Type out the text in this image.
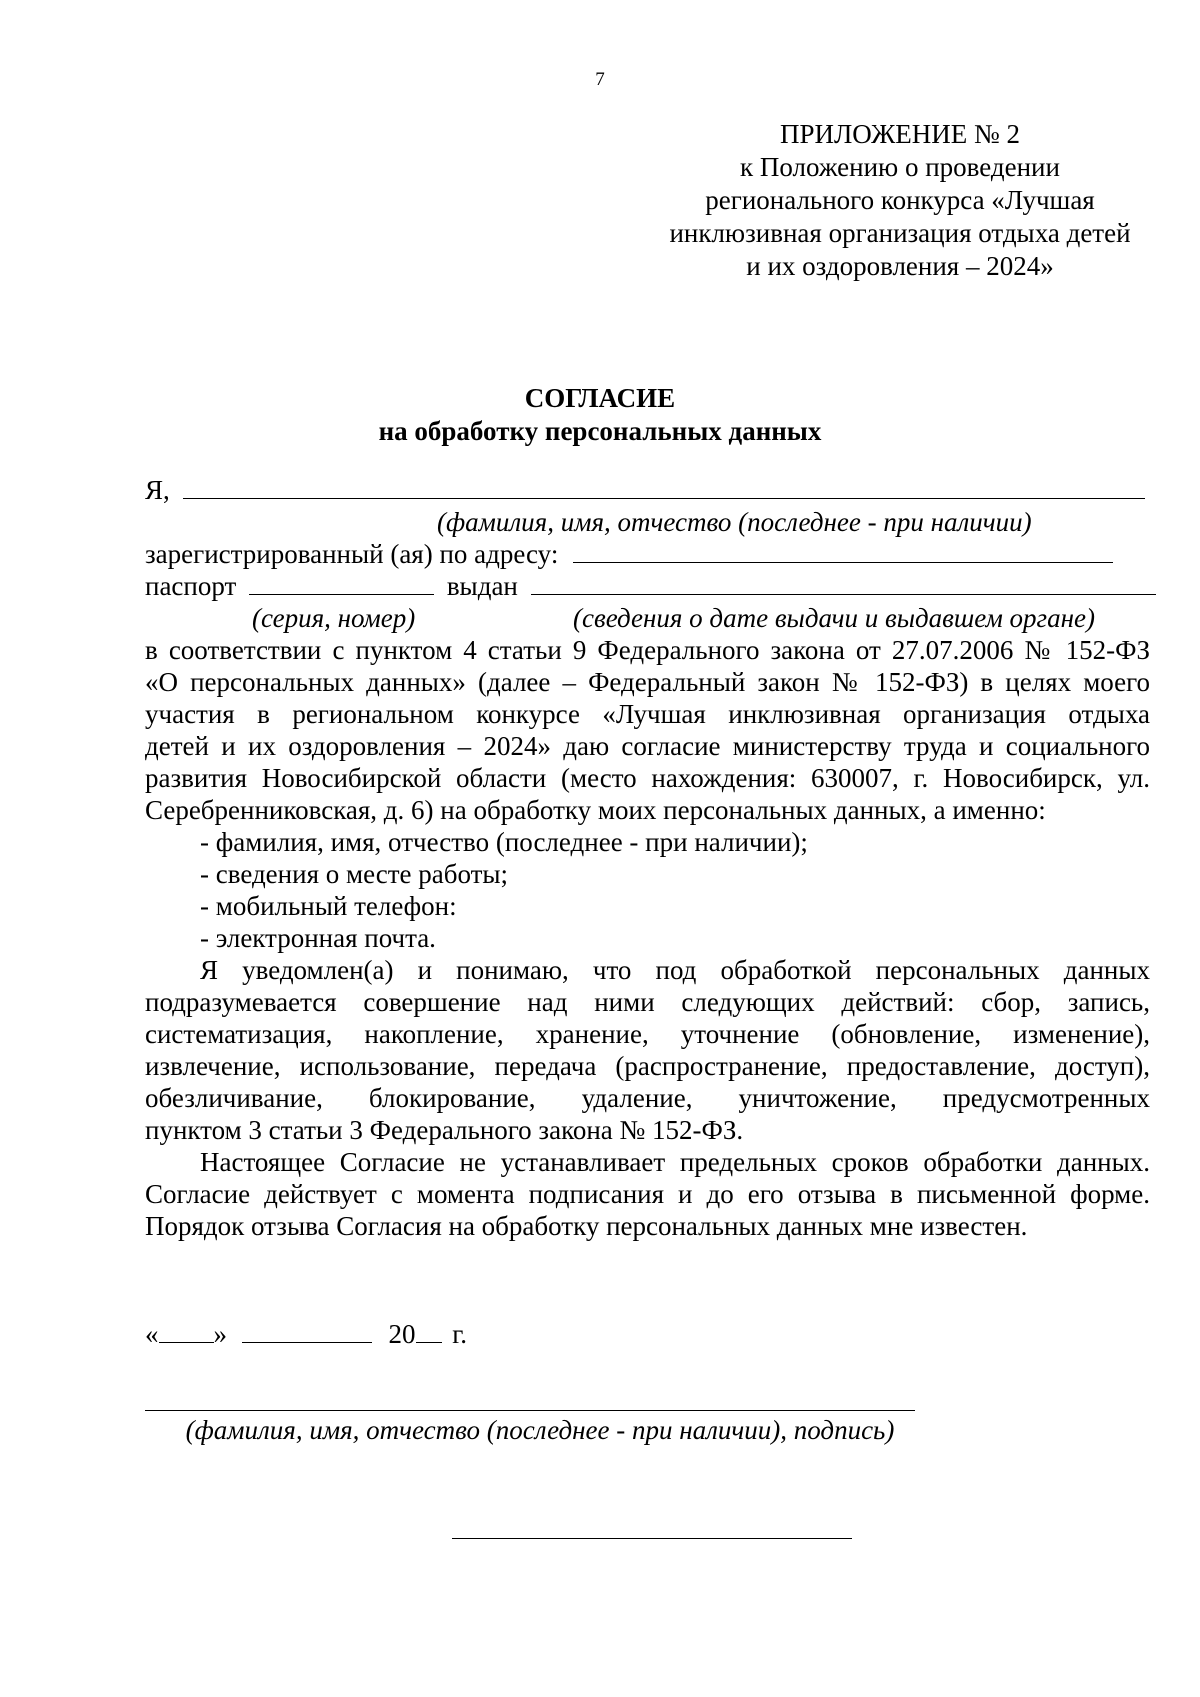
7
ПРИЛОЖЕНИЕ № 2
к Положению о проведении
регионального конкурса «Лучшая
инклюзивная организация отдыха детей
и их оздоровления – 2024»
СОГЛАСИЕ
на обработку персональных данных
Я,
(фамилия, имя, отчество (последнее - при наличии)
зарегистрированный (ая) по адресу:
паспорт	выдан
(серия, номер)	(сведения о дате выдачи и выдавшем органе)
в соответствии с пунктом 4 статьи 9 Федерального закона от 27.07.2006 № 152-ФЗ
«О персональных данных» (далее – Федеральный закон № 152-ФЗ) в целях моего
участия в региональном конкурсе «Лучшая инклюзивная организация отдыха
детей и их оздоровления – 2024» даю согласие министерству труда и социального
развития Новосибирской области (место нахождения: 630007, г. Новосибирск, ул.
Серебренниковская, д. 6) на обработку моих персональных данных, а именно:
- фамилия, имя, отчество (последнее - при наличии);
- сведения о месте работы;
- мобильный телефон:
- электронная почта.
Я уведомлен(а) и понимаю, что под обработкой персональных данных
подразумевается совершение над ними следующих действий: сбор, запись,
систематизация, накопление, хранение, уточнение (обновление, изменение),
извлечение, использование, передача (распространение, предоставление, доступ),
обезличивание, блокирование, удаление, уничтожение, предусмотренных
пунктом 3 статьи 3 Федерального закона № 152-ФЗ.
Настоящее Согласие не устанавливает предельных сроков обработки данных.
Согласие действует с момента подписания и до его отзыва в письменной форме.
Порядок отзыва Согласия на обработку персональных данных мне известен.
« »	20 г.
(фамилия, имя, отчество (последнее - при наличии), подпись)
